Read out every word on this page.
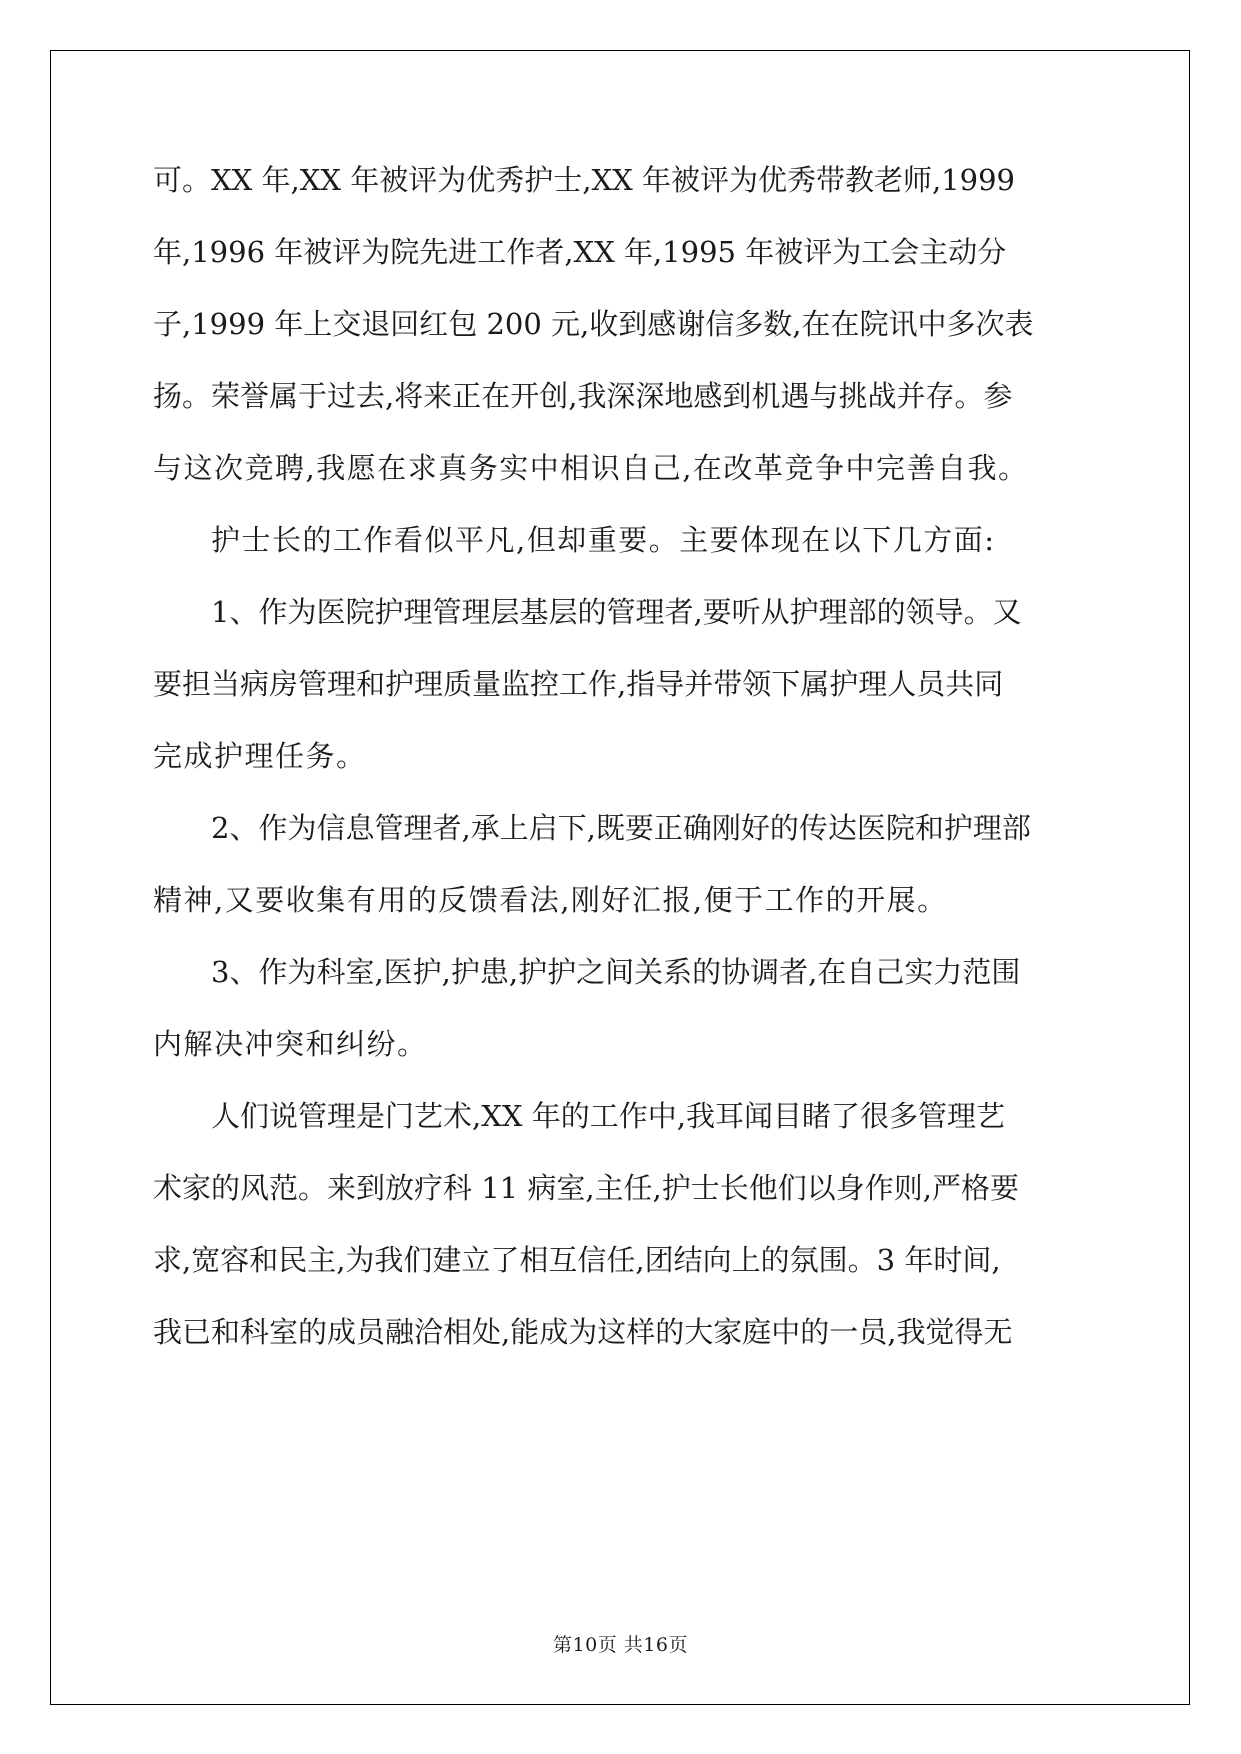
可。XX 年,XX 年被评为优秀护士,XX 年被评为优秀带教老师,1999
年,1996 年被评为院先进工作者,XX 年,1995 年被评为工会主动分
子,1999 年上交退回红包 200 元,收到感谢信多数,在在院讯中多次表
扬。荣誉属于过去,将来正在开创,我深深地感到机遇与挑战并存。参
与这次竞聘,我愿在求真务实中相识自己,在改革竞争中完善自我。
护士长的工作看似平凡,但却重要。主要体现在以下几方面:
1、作为医院护理管理层基层的管理者,要听从护理部的领导。又
要担当病房管理和护理质量监控工作,指导并带领下属护理人员共同
完成护理任务。
2、作为信息管理者,承上启下,既要正确刚好的传达医院和护理部
精神,又要收集有用的反馈看法,刚好汇报,便于工作的开展。
3、作为科室,医护,护患,护护之间关系的协调者,在自己实力范围
内解决冲突和纠纷。
人们说管理是门艺术,XX 年的工作中,我耳闻目睹了很多管理艺
术家的风范。来到放疗科 11 病室,主任,护士长他们以身作则,严格要
求,宽容和民主,为我们建立了相互信任,团结向上的氛围。3 年时间,
我已和科室的成员融洽相处,能成为这样的大家庭中的一员,我觉得无
第10页 共16页
